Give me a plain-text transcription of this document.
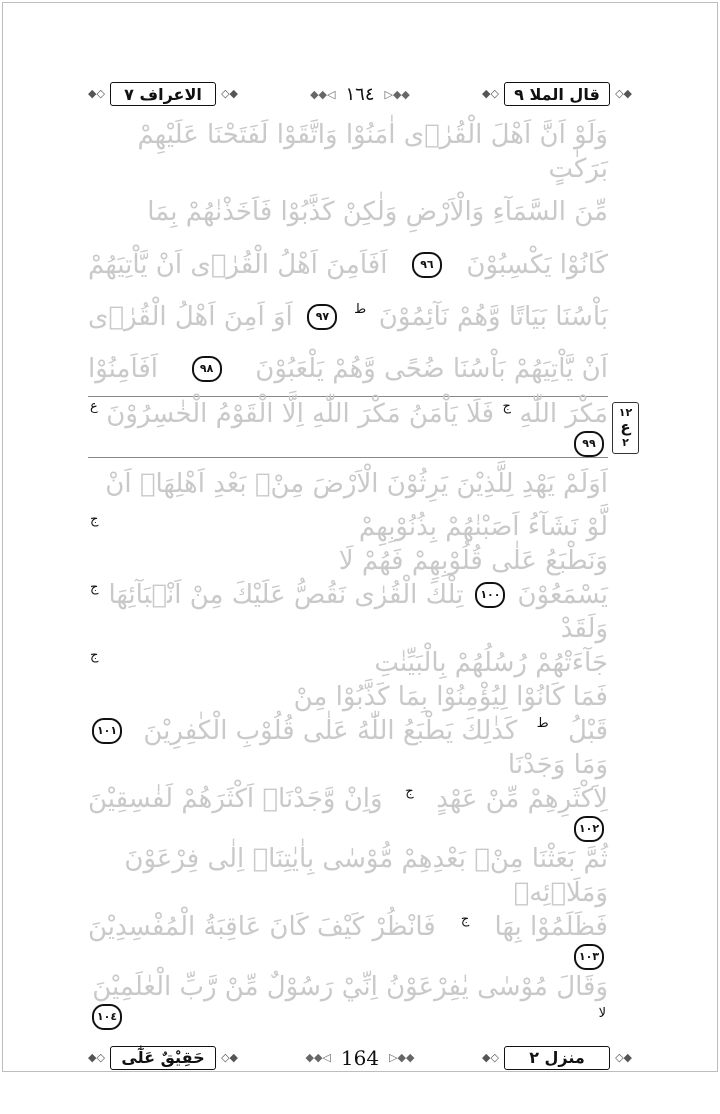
◆◇ الاعراف ٧ ◇◆	◆◆◁ ١٦٤ ▷◆◆	◆◇ قال الملا ٩ ◇◆
وَلَوْ اَنَّ اَهْلَ الْقُرٰۤى اٰمَنُوْا وَاتَّقَوْا لَفَتَحْنَا عَلَيْهِمْ بَرَكٰتٍ
مِّنَ السَّمَآءِ وَالْاَرْضِ وَلٰكِنْ كَذَّبُوْا فَاَخَذْنٰهُمْ بِمَا
كَانُوْا يَكْسِبُوْنَ
٩٦
اَفَاَمِنَ اَهْلُ الْقُرٰۤى اَنْ يَّاْتِيَهُمْ
بَاْسُنَا بَيَاتًا وَّهُمْ نَآئِمُوْنَ
ط
٩٧
اَوَ اَمِنَ اَهْلُ الْقُرٰۤى
اَنْ يَّاْتِيَهُمْ بَاْسُنَا ضُحًى وَّهُمْ يَلْعَبُوْنَ
٩٨
اَفَاَمِنُوْا
مَكْرَ اللّٰهِ
ج
فَلَا يَاْمَنُ مَكْرَ اللّٰهِ اِلَّا الْقَوْمُ الْخٰسِرُوْنَ
ع
٩٩
اَوَلَمْ يَهْدِ لِلَّذِيْنَ يَرِثُوْنَ الْاَرْضَ مِنْۢ بَعْدِ اَهْلِهَاۤ اَنْ
لَّوْ نَشَآءُ اَصَبْنٰهُمْ بِذُنُوْبِهِمْ
ج
وَنَطْبَعُ عَلٰى قُلُوْبِهِمْ فَهُمْ لَا
يَسْمَعُوْنَ
١٠٠
تِلْكَ الْقُرٰى نَقُصُّ عَلَيْكَ مِنْ اَنْۢبَآئِهَا
ج
وَلَقَدْ
جَآءَتْهُمْ رُسُلُهُمْ بِالْبَيِّنٰتِ
ج
فَمَا كَانُوْا لِيُؤْمِنُوْا بِمَا كَذَّبُوْا مِنْ
قَبْلُ
ط
كَذٰلِكَ يَطْبَعُ اللّٰهُ عَلٰى قُلُوْبِ الْكٰفِرِيْنَ
١٠١
وَمَا وَجَدْنَا
لِاَكْثَرِهِمْ مِّنْ عَهْدٍ
ج
وَاِنْ وَّجَدْنَاۤ اَكْثَرَهُمْ لَفٰسِقِيْنَ
١٠٢
ثُمَّ بَعَثْنَا مِنْۢ بَعْدِهِمْ مُّوْسٰى بِاٰيٰتِنَاۤ اِلٰى فِرْعَوْنَ وَمَلَا۠ئِهٖ
فَظَلَمُوْا بِهَا
ج
فَانْظُرْ كَيْفَ كَانَ عَاقِبَةُ الْمُفْسِدِيْنَ
١٠٣
وَقَالَ مُوْسٰى يٰفِرْعَوْنُ اِنِّيْ رَسُوْلٌ مِّنْ رَّبِّ الْعٰلَمِيْنَ
لا
١٠٤
◆◇ حَقِيْقٌ عَلٰٓى ◇◆	◆◆◁ 164 ▷◆◆	◆◇ منزل ٢	◇◆
١٢
ع
٢
